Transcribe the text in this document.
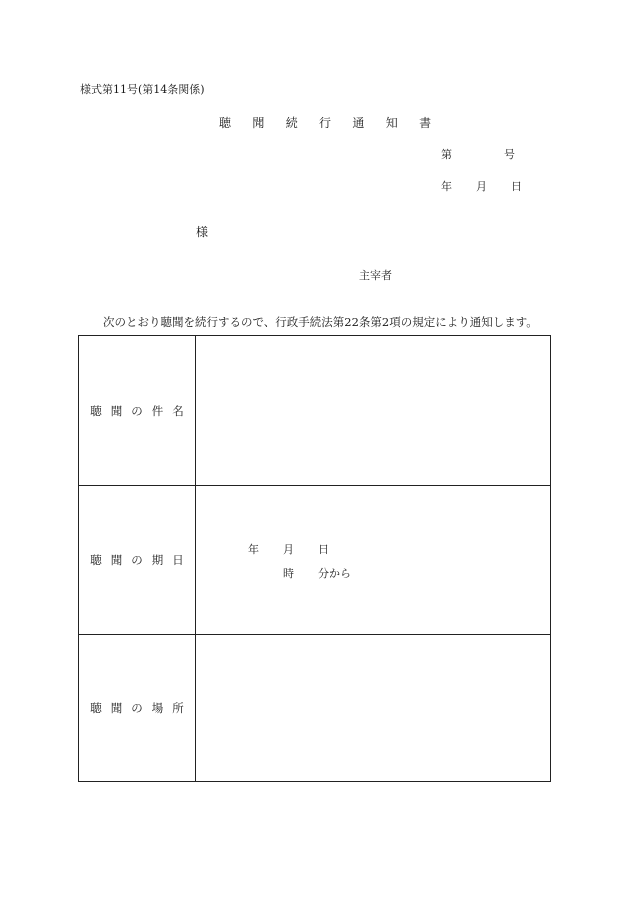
様式第11号(第14条関係)
聴 聞 続 行 通 知 書
第	号
年 月 日
様
主宰者
次のとおり聴聞を続行するので、行政手続法第22条第2項の規定により通知します。
聴 聞 の 件 名
聴 聞 の 期 日
聴 聞 の 場 所
年 月 日
時 分から
